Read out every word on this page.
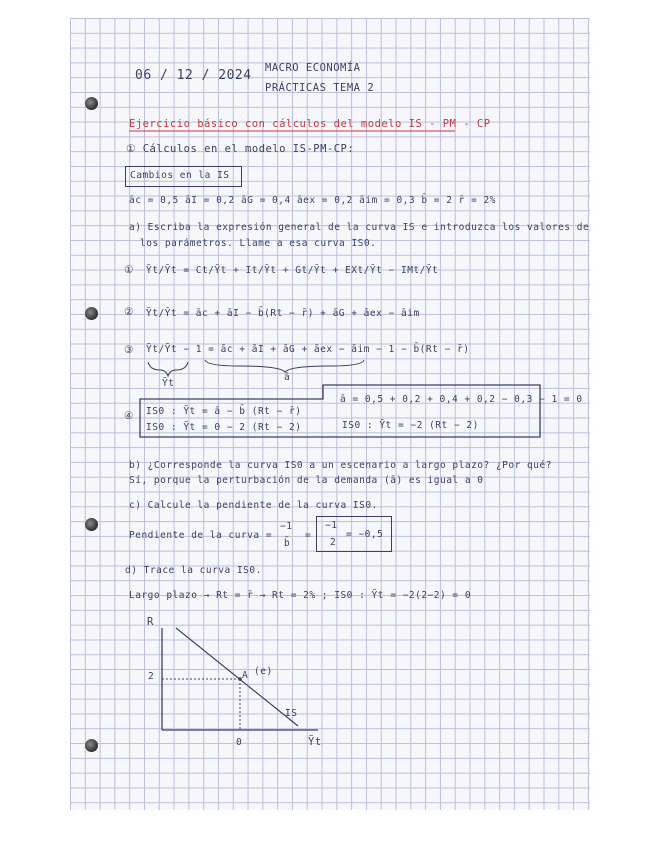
06 / 12 / 2024 MACRO ECONOMÍA
PRÁCTICAS TEMA 2
Ejercicio básico con cálculos del modelo IS - PM - CP
① Cálculos en el modelo IS-PM-CP:
Cambios en la IS
āc = 0,5 āI = 0,2 āG = 0,4 āex = 0,2 āim = 0,3 b̄ = 2 r̄ = 2%
a) Escriba la expresión general de la curva IS e introduzca los valores de
los parámetros. Llame a esa curva IS0.
① Ỹt/Ȳt = Ct/Ȳt + It/Ȳt + Gt/Ȳt + EXt/Ȳt − IMt/Ȳt
② Ỹt/Ȳt = āc + āI − b̄(Rt − r̄) + āG + āex − āim
③ Ỹt/Ȳt − 1 = āc + āI + āG + āex − āim − 1 − b̄(Rt − r̄)
Ỹt
ā
④
ā = 0,5 + 0,2 + 0,4 + 0,2 − 0,3 − 1 = 0
IS0 : Ỹt = ā − b̄ (Rt − r̄)
IS0 : Ỹt = 0 − 2 (Rt − 2)	IS0 : Ỹt = −2 (Rt − 2)
b) ¿Corresponde la curva IS0 a un escenario a largo plazo? ¿Por qué?
Sí, porque la perturbación de la demanda (ā) es igual a 0
c) Calcule la pendiente de la curva IS0.
Pendiente de la curva =
−1
b̄
=
−1
2
= −0,5
d) Trace la curva IS0.
Largo plazo → Rt = r̄ → Rt = 2% ; IS0 : Ỹt = −2(2−2) = 0
R
Ỹt
2
0
A (e)
IS
